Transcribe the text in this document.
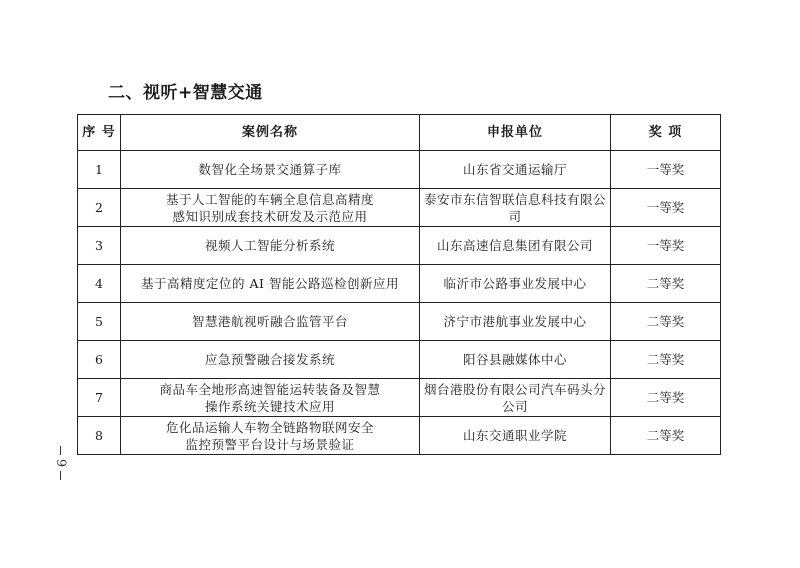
二、视听+智慧交通
序 号	案例名称	申报单位	奖 项
1	数智化全场景交通算子库	山东省交通运输厅	一等奖
2	基于人工智能的车辆全息信息高精度
感知识别成套技术研发及示范应用	泰安市东信智联信息科技有限公司	一等奖
3	视频人工智能分析系统	山东高速信息集团有限公司	一等奖
4	基于高精度定位的 AI 智能公路巡检创新应用	临沂市公路事业发展中心	二等奖
5	智慧港航视听融合监管平台	济宁市港航事业发展中心	二等奖
6	应急预警融合接发系统	阳谷县融媒体中心	二等奖
7	商品车全地形高速智能运转装备及智慧
操作系统关键技术应用	烟台港股份有限公司汽车码头分公司	二等奖
8	危化品运输人车物全链路物联网安全
监控预警平台设计与场景验证	山东交通职业学院	二等奖
9
